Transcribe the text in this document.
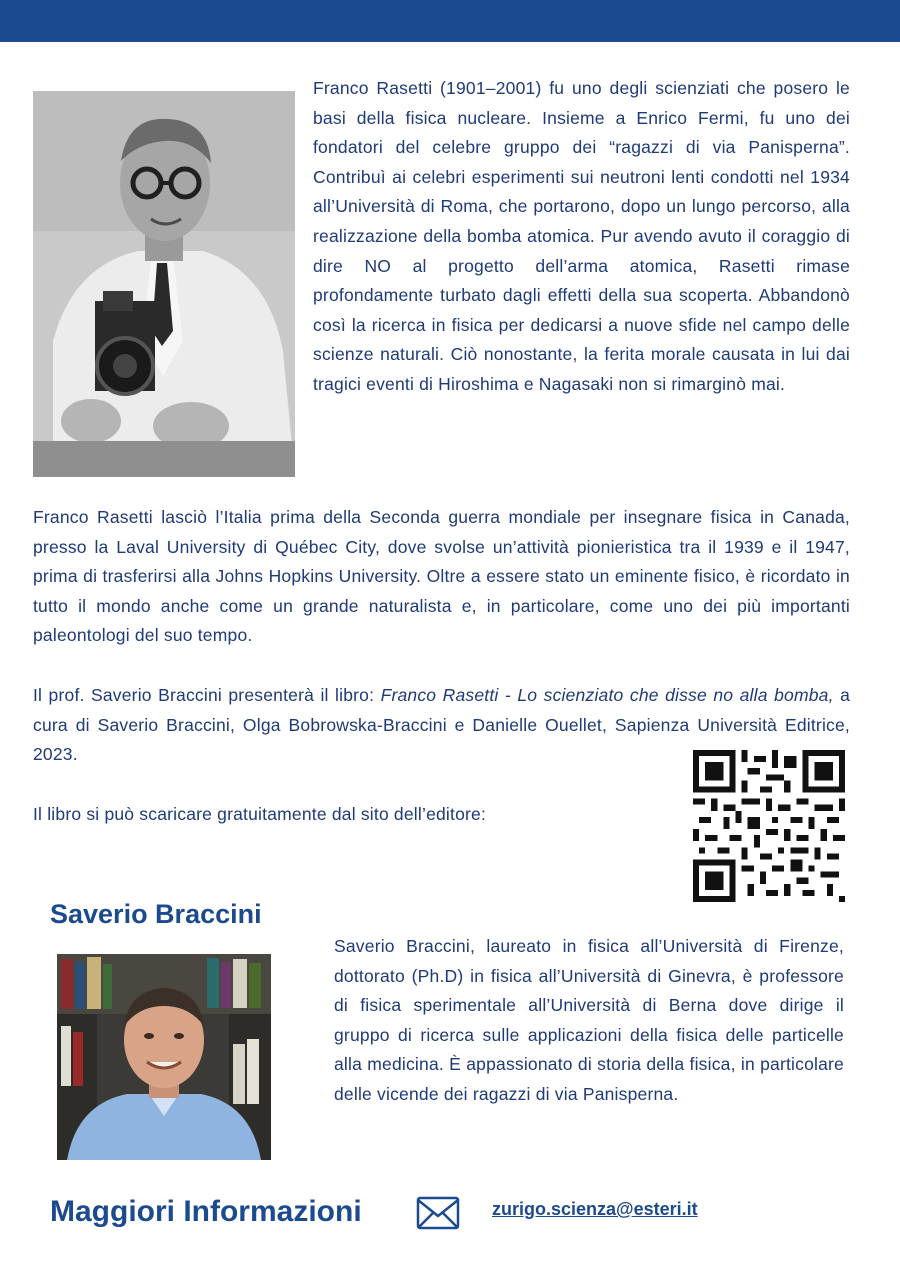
Franco Rasetti (1901–2001) fu uno degli scienziati che posero le basi della fisica nucleare. Insieme a Enrico Fermi, fu uno dei fondatori del celebre gruppo dei “ragazzi di via Panisperna”. Contribuì ai celebri esperimenti sui neutroni lenti condotti nel 1934 all’Università di Roma, che portarono, dopo un lungo percorso, alla realizzazione della bomba atomica. Pur avendo avuto il coraggio di dire NO al progetto dell’arma atomica, Rasetti rimase profondamente turbato dagli effetti della sua scoperta. Abbandonò così la ricerca in fisica per dedicarsi a nuove sfide nel campo delle scienze naturali. Ciò nonostante, la ferita morale causata in lui dai tragici eventi di Hiroshima e Nagasaki non si rimarginò mai.

Franco Rasetti lasciò l’Italia prima della Seconda guerra mondiale per insegnare fisica in Canada, presso la Laval University di Québec City, dove svolse un’attività pionieristica tra il 1939 e il 1947, prima di trasferirsi alla Johns Hopkins University. Oltre a essere stato un eminente fisico, è ricordato in tutto il mondo anche come un grande naturalista e, in particolare, come uno dei più importanti paleontologi del suo tempo.

Il prof. Saverio Braccini presenterà il libro: Franco Rasetti - Lo scienziato che disse no alla bomba, a cura di Saverio Braccini, Olga Bobrowska-Braccini e Danielle Ouellet, Sapienza Università Editrice, 2023.

Il libro si può scaricare gratuitamente dal sito dell’editore:

Saverio Braccini

Saverio Braccini, laureato in fisica all’Università di Firenze, dottorato (Ph.D) in fisica all’Università di Ginevra, è professore di fisica sperimentale all’Università di Berna dove dirige il gruppo di ricerca sulle applicazioni della fisica delle particelle alla medicina. È appassionato di storia della fisica, in particolare delle vicende dei ragazzi di via Panisperna.

Maggiori Informazioni	zurigo.scienza@esteri.it
